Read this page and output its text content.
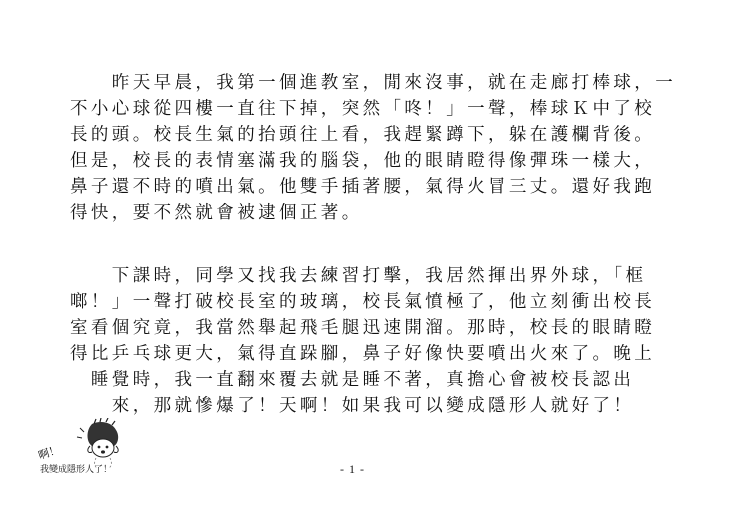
　　昨天早晨，我第一個進教室，閒來沒事，就在走廊打棒球，一
不小心球從四樓一直往下掉，突然「咚！」一聲，棒球Ｋ中了校
長的頭。校長生氣的抬頭往上看，我趕緊蹲下，躲在護欄背後。
但是，校長的表情塞滿我的腦袋，他的眼睛瞪得像彈珠一樣大，
鼻子還不時的噴出氣。他雙手插著腰，氣得火冒三丈。還好我跑
得快，要不然就會被逮個正著。
　　下課時，同學又找我去練習打擊，我居然揮出界外球，「框
啷！」一聲打破校長室的玻璃，校長氣憤極了，他立刻衝出校長
室看個究竟，我當然舉起飛毛腿迅速開溜。那時，校長的眼睛瞪
得比乒乓球更大，氣得直跺腳，鼻子好像快要噴出火來了。晚上
　睡覺時，我一直翻來覆去就是睡不著，真擔心會被校長認出
　　來，那就慘爆了！天啊！如果我可以變成隱形人就好了！
啊！
我變成隱形人了！	- 1 -
